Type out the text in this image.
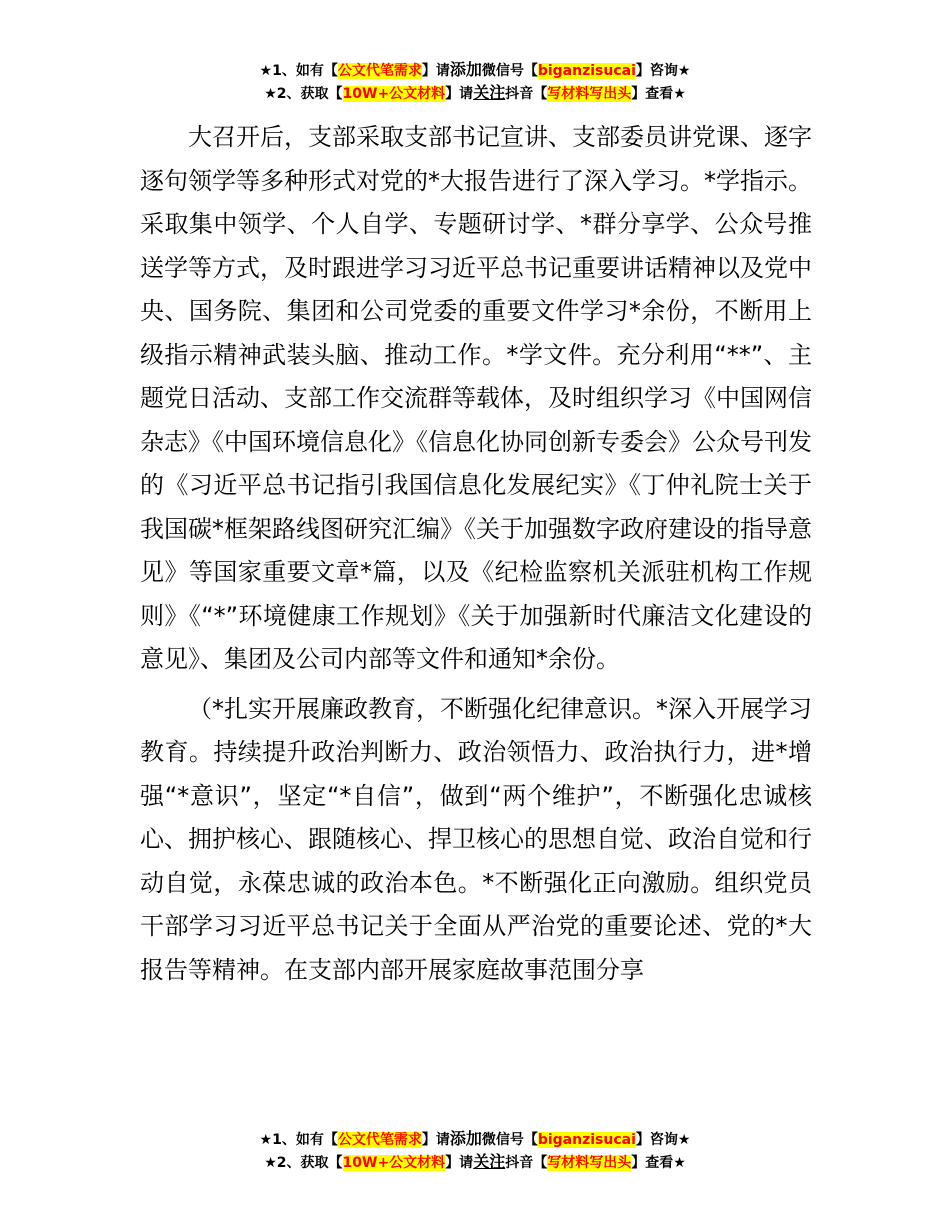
★1、如有【公文代笔需求】请添加微信号【biganzisucai】咨询★
★2、获取【10W+公文材料】请关注抖音【写材料写出头】查看★

大召开后，支部采取支部书记宣讲、支部委员讲党课、逐字逐句领学等多种形式对党的*大报告进行了深入学习。*学指示。采取集中领学、个人自学、专题研讨学、*群分享学、公众号推送学等方式，及时跟进学习习近平总书记重要讲话精神以及党中央、国务院、集团和公司党委的重要文件学习*余份，不断用上级指示精神武装头脑、推动工作。*学文件。充分利用“**”、主题党日活动、支部工作交流群等载体，及时组织学习《中国网信杂志》《中国环境信息化》《信息化协同创新专委会》公众号刊发的《习近平总书记指引我国信息化发展纪实》《丁仲礼院士关于我国碳*框架路线图研究汇编》《关于加强数字政府建设的指导意见》等国家重要文章*篇，以及《纪检监察机关派驻机构工作规则》《“*”环境健康工作规划》《关于加强新时代廉洁文化建设的意见》、集团及公司内部等文件和通知*余份。

（*扎实开展廉政教育，不断强化纪律意识。*深入开展学习教育。持续提升政治判断力、政治领悟力、政治执行力，进*增强“*意识”，坚定“*自信”，做到“两个维护”，不断强化忠诚核心、拥护核心、跟随核心、捍卫核心的思想自觉、政治自觉和行动自觉，永葆忠诚的政治本色。*不断强化正向激励。组织党员干部学习习近平总书记关于全面从严治党的重要论述、党的*大报告等精神。在支部内部开展家庭故事范围分享

★1、如有【公文代笔需求】请添加微信号【biganzisucai】咨询★
★2、获取【10W+公文材料】请关注抖音【写材料写出头】查看★
